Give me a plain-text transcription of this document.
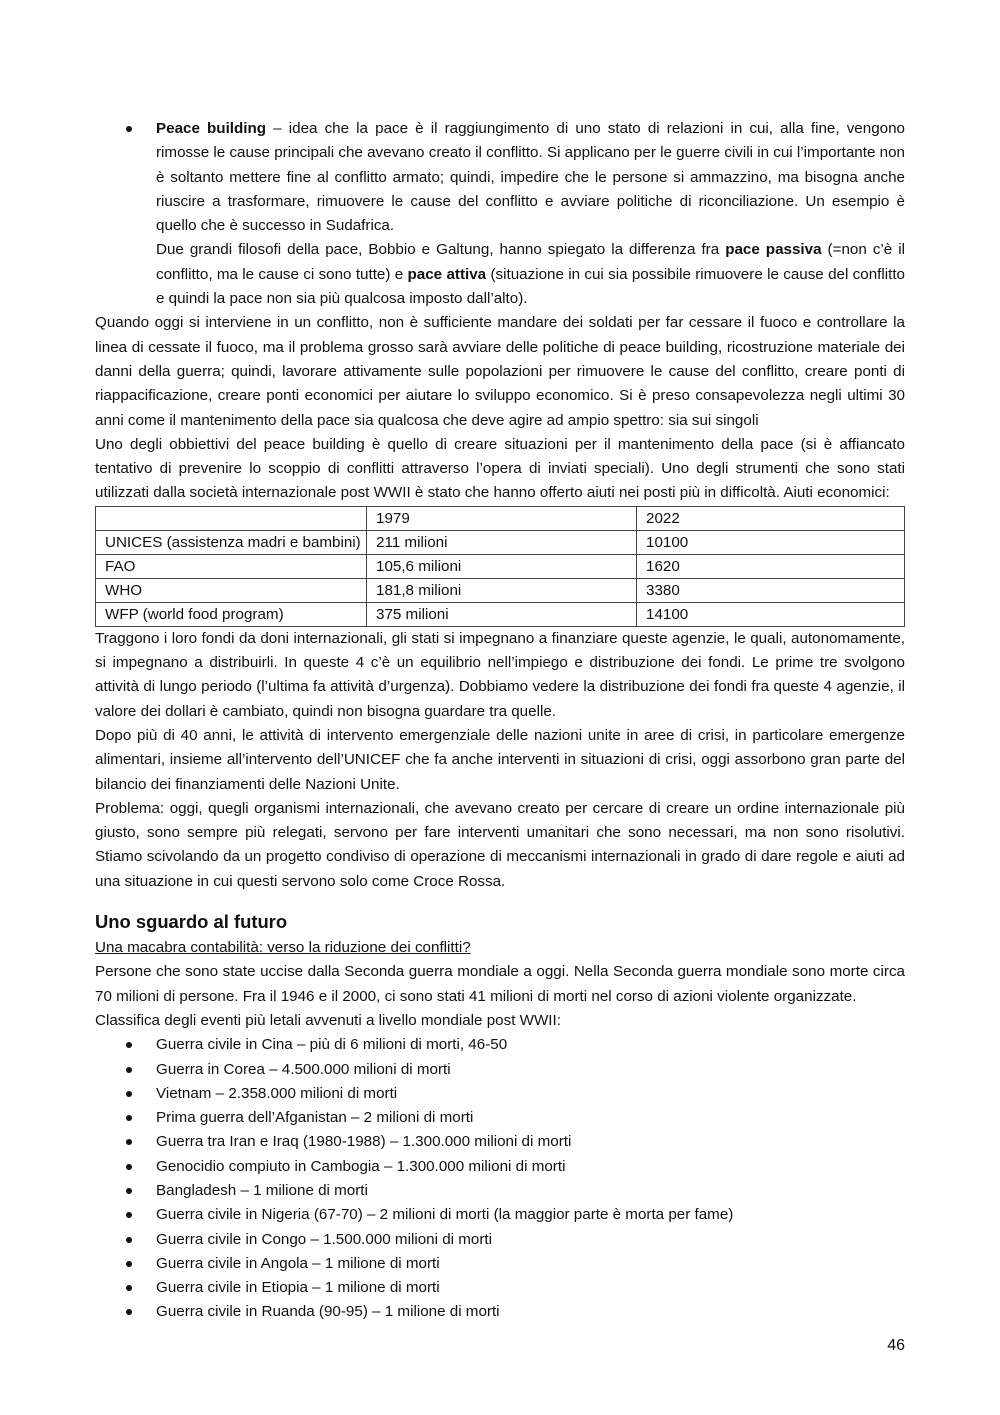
Peace building – idea che la pace è il raggiungimento di uno stato di relazioni in cui, alla fine, vengono rimosse le cause principali che avevano creato il conflitto. Si applicano per le guerre civili in cui l’importante non è soltanto mettere fine al conflitto armato; quindi, impedire che le persone si ammazzino, ma bisogna anche riuscire a trasformare, rimuovere le cause del conflitto e avviare politiche di riconciliazione. Un esempio è quello che è successo in Sudafrica.

Due grandi filosofi della pace, Bobbio e Galtung, hanno spiegato la differenza fra pace passiva (=non c’è il conflitto, ma le cause ci sono tutte) e pace attiva (situazione in cui sia possibile rimuovere le cause del conflitto e quindi la pace non sia più qualcosa imposto dall’alto).

Quando oggi si interviene in un conflitto, non è sufficiente mandare dei soldati per far cessare il fuoco e controllare la linea di cessate il fuoco, ma il problema grosso sarà avviare delle politiche di peace building, ricostruzione materiale dei danni della guerra; quindi, lavorare attivamente sulle popolazioni per rimuovere le cause del conflitto, creare ponti di riappacificazione, creare ponti economici per aiutare lo sviluppo economico. Si è preso consapevolezza negli ultimi 30 anni come il mantenimento della pace sia qualcosa che deve agire ad ampio spettro: sia sui singoli

Uno degli obbiettivi del peace building è quello di creare situazioni per il mantenimento della pace (si è affiancato tentativo di prevenire lo scoppio di conflitti attraverso l’opera di inviati speciali). Uno degli strumenti che sono stati utilizzati dalla società internazionale post WWII è stato che hanno offerto aiuti nei posti più in difficoltà. Aiuti economici:

	1979	2022
UNICES (assistenza madri e bambini)	211 milioni	10100
FAO	105,6 milioni	1620
WHO	181,8 milioni	3380
WFP (world food program)	375 milioni	14100

Traggono i loro fondi da doni internazionali, gli stati si impegnano a finanziare queste agenzie, le quali, autonomamente, si impegnano a distribuirli. In queste 4 c’è un equilibrio nell’impiego e distribuzione dei fondi. Le prime tre svolgono attività di lungo periodo (l’ultima fa attività d’urgenza). Dobbiamo vedere la distribuzione dei fondi fra queste 4 agenzie, il valore dei dollari è cambiato, quindi non bisogna guardare tra quelle.

Dopo più di 40 anni, le attività di intervento emergenziale delle nazioni unite in aree di crisi, in particolare emergenze alimentari, insieme all’intervento dell’UNICEF che fa anche interventi in situazioni di crisi, oggi assorbono gran parte del bilancio dei finanziamenti delle Nazioni Unite.

Problema: oggi, quegli organismi internazionali, che avevano creato per cercare di creare un ordine internazionale più giusto, sono sempre più relegati, servono per fare interventi umanitari che sono necessari, ma non sono risolutivi. Stiamo scivolando da un progetto condiviso di operazione di meccanismi internazionali in grado di dare regole e aiuti ad una situazione in cui questi servono solo come Croce Rossa.

Uno sguardo al futuro

Una macabra contabilità: verso la riduzione dei conflitti?

Persone che sono state uccise dalla Seconda guerra mondiale a oggi. Nella Seconda guerra mondiale sono morte circa 70 milioni di persone. Fra il 1946 e il 2000, ci sono stati 41 milioni di morti nel corso di azioni violente organizzate.

Classifica degli eventi più letali avvenuti a livello mondiale post WWII:

Guerra civile in Cina – più di 6 milioni di morti, 46-50
Guerra in Corea – 4.500.000 milioni di morti
Vietnam – 2.358.000 milioni di morti
Prima guerra dell’Afganistan – 2 milioni di morti
Guerra tra Iran e Iraq (1980-1988) – 1.300.000 milioni di morti
Genocidio compiuto in Cambogia – 1.300.000 milioni di morti
Bangladesh – 1 milione di morti
Guerra civile in Nigeria (67-70) – 2 milioni di morti (la maggior parte è morta per fame)
Guerra civile in Congo – 1.500.000 milioni di morti
Guerra civile in Angola – 1 milione di morti
Guerra civile in Etiopia – 1 milione di morti
Guerra civile in Ruanda (90-95) – 1 milione di morti
46
